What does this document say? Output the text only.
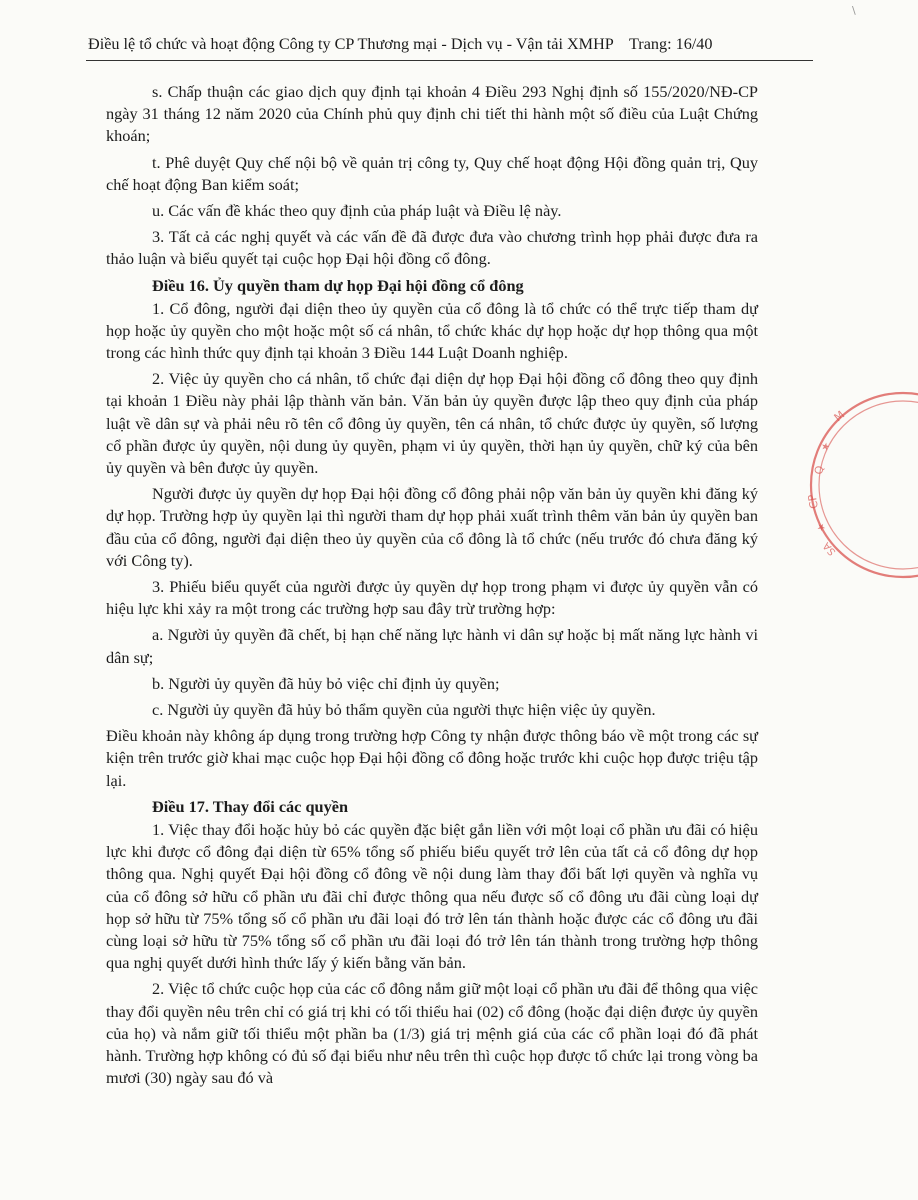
\
Điều lệ tổ chức và hoạt động Công ty CP Thương mại - Dịch vụ - Vận tải XMHP Trang: 16/40

s. Chấp thuận các giao dịch quy định tại khoản 4 Điều 293 Nghị định số 155/2020/NĐ-CP ngày 31 tháng 12 năm 2020 của Chính phủ quy định chi tiết thi hành một số điều của Luật Chứng khoán;

t. Phê duyệt Quy chế nội bộ về quản trị công ty, Quy chế hoạt động Hội đồng quản trị, Quy chế hoạt động Ban kiểm soát;

u. Các vấn đề khác theo quy định của pháp luật và Điều lệ này.

3. Tất cả các nghị quyết và các vấn đề đã được đưa vào chương trình họp phải được đưa ra thảo luận và biểu quyết tại cuộc họp Đại hội đồng cổ đông.

Điều 16. Ủy quyền tham dự họp Đại hội đồng cổ đông

1. Cổ đông, người đại diện theo ủy quyền của cổ đông là tổ chức có thể trực tiếp tham dự họp hoặc ủy quyền cho một hoặc một số cá nhân, tổ chức khác dự họp hoặc dự họp thông qua một trong các hình thức quy định tại khoản 3 Điều 144 Luật Doanh nghiệp.

2. Việc ủy quyền cho cá nhân, tổ chức đại diện dự họp Đại hội đồng cổ đông theo quy định tại khoản 1 Điều này phải lập thành văn bản. Văn bản ủy quyền được lập theo quy định của pháp luật về dân sự và phải nêu rõ tên cổ đông ủy quyền, tên cá nhân, tổ chức được ủy quyền, số lượng cổ phần được ủy quyền, nội dung ủy quyền, phạm vi ủy quyền, thời hạn ủy quyền, chữ ký của bên ủy quyền và bên được ủy quyền.

Người được ủy quyền dự họp Đại hội đồng cổ đông phải nộp văn bản ủy quyền khi đăng ký dự họp. Trường hợp ủy quyền lại thì người tham dự họp phải xuất trình thêm văn bản ủy quyền ban đầu của cổ đông, người đại diện theo ủy quyền của cổ đông là tổ chức (nếu trước đó chưa đăng ký với Công ty).

3. Phiếu biểu quyết của người được ủy quyền dự họp trong phạm vi được ủy quyền vẫn có hiệu lực khi xảy ra một trong các trường hợp sau đây trừ trường hợp:

a. Người ủy quyền đã chết, bị hạn chế năng lực hành vi dân sự hoặc bị mất năng lực hành vi dân sự;

b. Người ủy quyền đã hủy bỏ việc chỉ định ủy quyền;

c. Người ủy quyền đã hủy bỏ thẩm quyền của người thực hiện việc ủy quyền.

Điều khoản này không áp dụng trong trường hợp Công ty nhận được thông báo về một trong các sự kiện trên trước giờ khai mạc cuộc họp Đại hội đồng cổ đông hoặc trước khi cuộc họp được triệu tập lại.

Điều 17. Thay đổi các quyền

1. Việc thay đổi hoặc hủy bỏ các quyền đặc biệt gắn liền với một loại cổ phần ưu đãi có hiệu lực khi được cổ đông đại diện từ 65% tổng số phiếu biểu quyết trở lên của tất cả cổ đông dự họp thông qua. Nghị quyết Đại hội đồng cổ đông về nội dung làm thay đổi bất lợi quyền và nghĩa vụ của cổ đông sở hữu cổ phần ưu đãi chỉ được thông qua nếu được số cổ đông ưu đãi cùng loại dự họp sở hữu từ 75% tổng số cổ phần ưu đãi loại đó trở lên tán thành hoặc được các cổ đông ưu đãi cùng loại sở hữu từ 75% tổng số cổ phần ưu đãi loại đó trở lên tán thành trong trường hợp thông qua nghị quyết dưới hình thức lấy ý kiến bằng văn bản.

2. Việc tổ chức cuộc họp của các cổ đông nắm giữ một loại cổ phần ưu đãi để thông qua việc thay đổi quyền nêu trên chỉ có giá trị khi có tối thiểu hai (02) cổ đông (hoặc đại diện được ủy quyền của họ) và nắm giữ tối thiểu một phần ba (1/3) giá trị mệnh giá của các cổ phần loại đó đã phát hành. Trường hợp không có đủ số đại biểu như nêu trên thì cuộc họp được tổ chức lại trong vòng ba mươi (30) ngày sau đó và

M
★
Q
CP
★
SA
